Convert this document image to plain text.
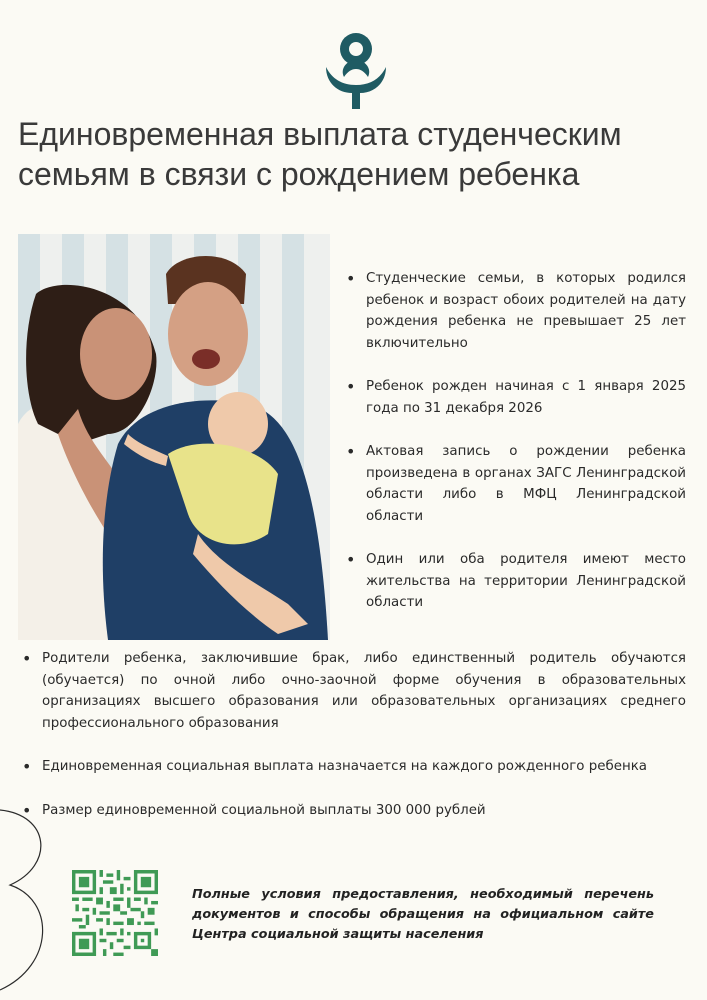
Единовременная выплата студенческим
семьям в связи с рождением ребенка
• Студенческие семьи, в которых родился ребенок и возраст обоих родителей на дату рождения ребенка не превышает 25 лет включительно
• Ребенок рожден начиная с 1 января 2025 года по 31 декабря 2026
• Актовая запись о рождении ребенка произведена в органах ЗАГС Ленинградской области либо в МФЦ Ленинградской области
• Один или оба родителя имеют место жительства на территории Ленинградской области
• Родители ребенка, заключившие брак, либо единственный родитель обучаются (обучается) по очной либо очно-заочной форме обучения в образовательных организациях высшего образования или образовательных организациях среднего профессионального образования
• Единовременная социальная выплата назначается на каждого рожденного ребенка
• Размер единовременной социальной выплаты 300 000 рублей

Полные условия предоставления, необходимый перечень документов и способы обращения на официальном сайте Центра социальной защиты населения
